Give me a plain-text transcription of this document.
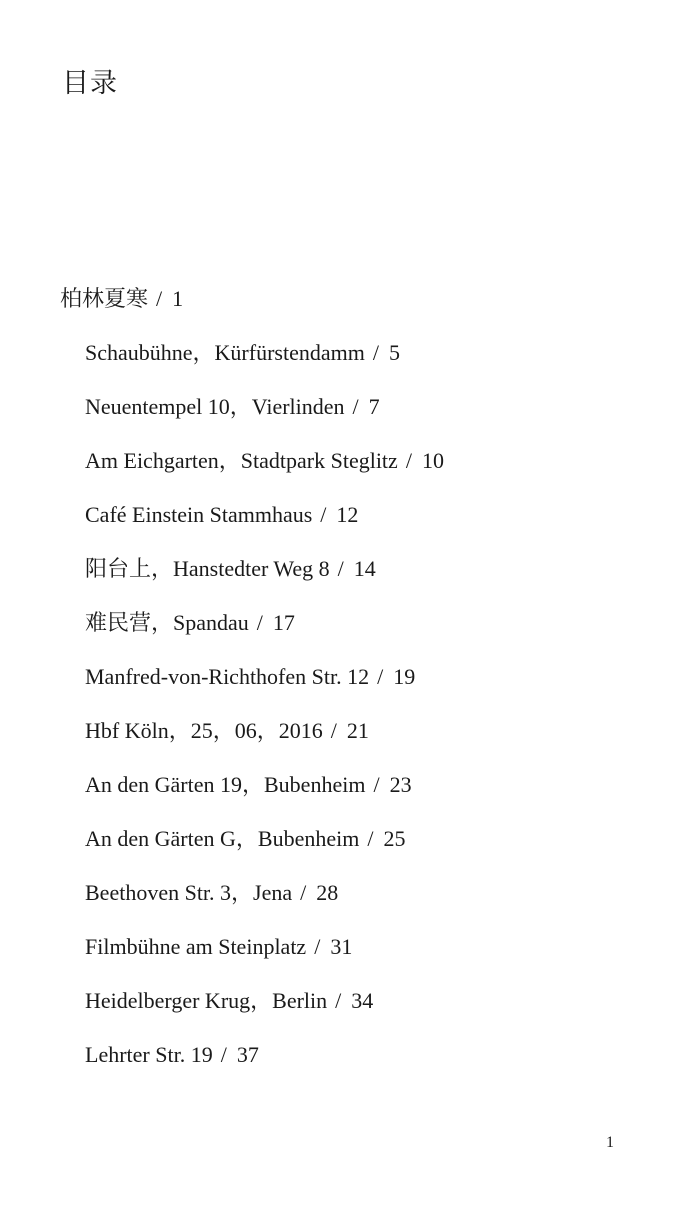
目录
柏林夏寒 / 1
Schaubühne，Kürfürstendamm / 5
Neuentempel 10，Vierlinden / 7
Am Eichgarten，Stadtpark Steglitz / 10
Café Einstein Stammhaus / 12
阳台上，Hanstedter Weg 8 / 14
难民营，Spandau / 17
Manfred-von-Richthofen Str. 12 / 19
Hbf Köln，25，06，2016 / 21
An den Gärten 19，Bubenheim / 23
An den Gärten G，Bubenheim / 25
Beethoven Str. 3，Jena / 28
Filmbühne am Steinplatz / 31
Heidelberger Krug，Berlin / 34
Lehrter Str. 19 / 37
1
